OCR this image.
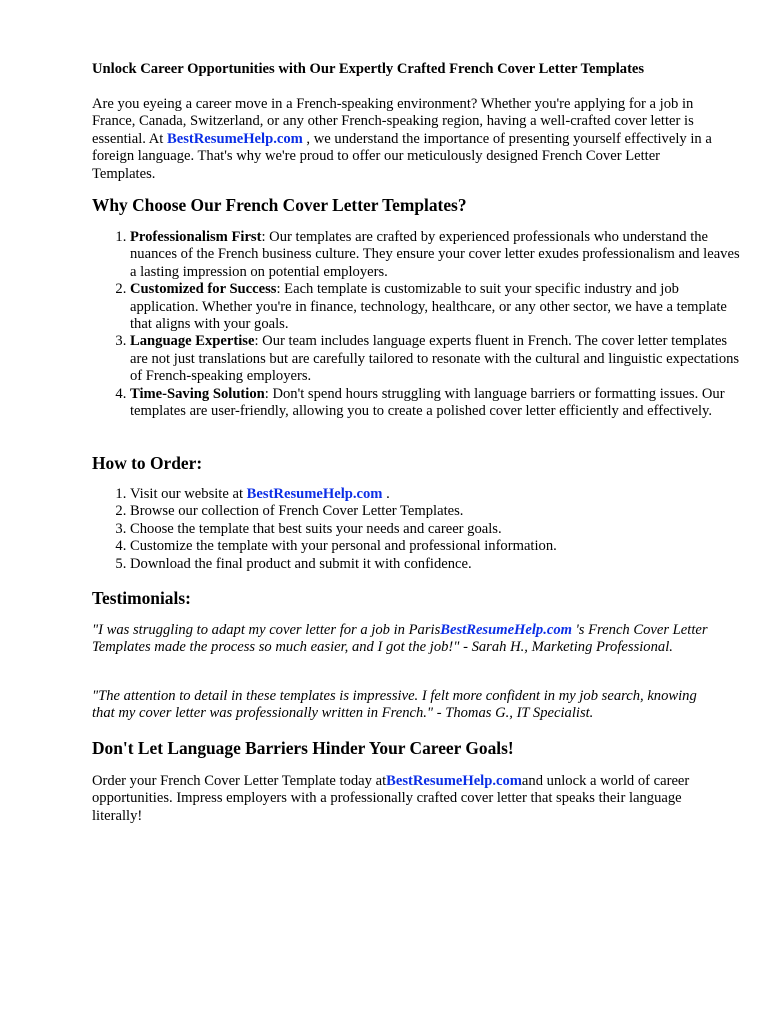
Unlock Career Opportunities with Our Expertly Crafted French Cover Letter Templates

Are you eyeing a career move in a French-speaking environment? Whether you're applying for a job in France, Canada, Switzerland, or any other French-speaking region, having a well-crafted cover letter is essential. At BestResumeHelp.com , we understand the importance of presenting yourself effectively in a foreign language. That's why we're proud to offer our meticulously designed French Cover Letter Templates.

Why Choose Our French Cover Letter Templates?
1. Professionalism First: Our templates are crafted by experienced professionals who understand the nuances of the French business culture. They ensure your cover letter exudes professionalism and leaves a lasting impression on potential employers.
2. Customized for Success: Each template is customizable to suit your specific industry and job application. Whether you're in finance, technology, healthcare, or any other sector, we have a template that aligns with your goals.
3. Language Expertise: Our team includes language experts fluent in French. The cover letter templates are not just translations but are carefully tailored to resonate with the cultural and linguistic expectations of French-speaking employers.
4. Time-Saving Solution: Don't spend hours struggling with language barriers or formatting issues. Our templates are user-friendly, allowing you to create a polished cover letter efficiently and effectively.
How to Order:
1. Visit our website at BestResumeHelp.com .
2. Browse our collection of French Cover Letter Templates.
3. Choose the template that best suits your needs and career goals.
4. Customize the template with your personal and professional information.
5. Download the final product and submit it with confidence.
Testimonials:

"I was struggling to adapt my cover letter for a job in ParisBestResumeHelp.com 's French Cover Letter Templates made the process so much easier, and I got the job!" - Sarah H., Marketing Professional.

"The attention to detail in these templates is impressive. I felt more confident in my job search, knowing that my cover letter was professionally written in French." - Thomas G., IT Specialist.

Don't Let Language Barriers Hinder Your Career Goals!

Order your French Cover Letter Template today atBestResumeHelp.comand unlock a world of career opportunities. Impress employers with a professionally crafted cover letter that speaks their language literally!
